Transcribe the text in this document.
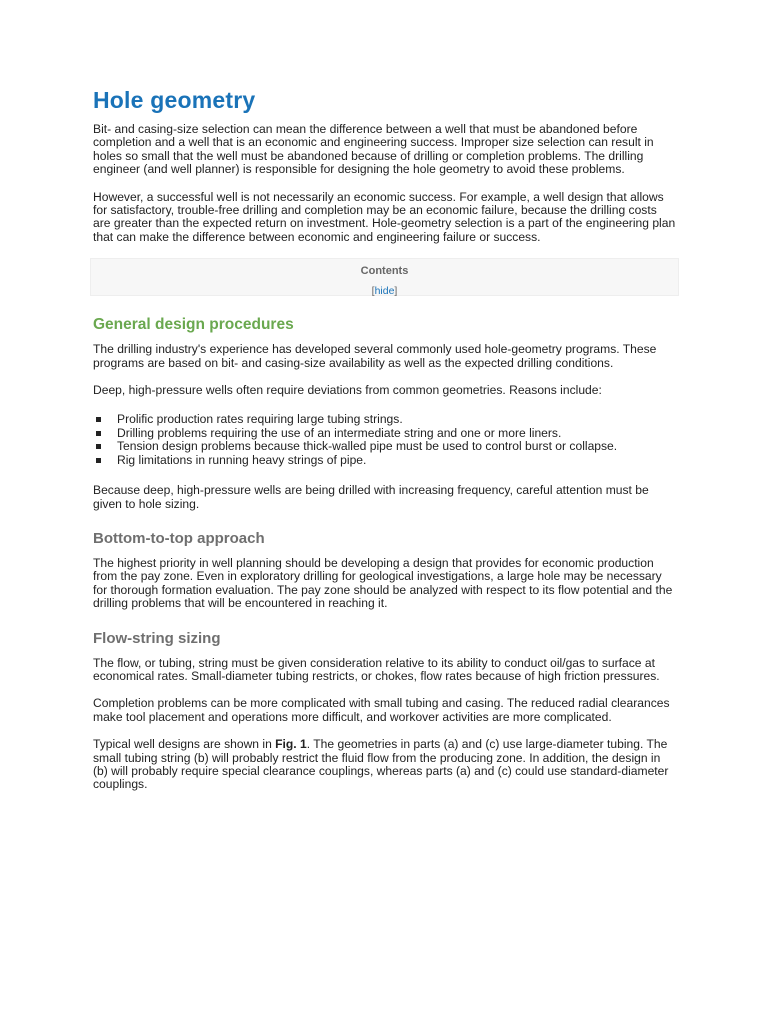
Hole geometry

Bit- and casing-size selection can mean the difference between a well that must be abandoned before completion and a well that is an economic and engineering success. Improper size selection can result in holes so small that the well must be abandoned because of drilling or completion problems. The drilling engineer (and well planner) is responsible for designing the hole geometry to avoid these problems.

However, a successful well is not necessarily an economic success. For example, a well design that allows for satisfactory, trouble-free drilling and completion may be an economic failure, because the drilling costs are greater than the expected return on investment. Hole-geometry selection is a part of the engineering plan that can make the difference between economic and engineering failure or success.

Contents
[hide]
General design procedures

The drilling industry's experience has developed several commonly used hole-geometry programs. These programs are based on bit- and casing-size availability as well as the expected drilling conditions.

Deep, high-pressure wells often require deviations from common geometries. Reasons include:

Prolific production rates requiring large tubing strings.
Drilling problems requiring the use of an intermediate string and one or more liners.
Tension design problems because thick-walled pipe must be used to control burst or collapse.
Rig limitations in running heavy strings of pipe.

Because deep, high-pressure wells are being drilled with increasing frequency, careful attention must be given to hole sizing.

Bottom-to-top approach

The highest priority in well planning should be developing a design that provides for economic production from the pay zone. Even in exploratory drilling for geological investigations, a large hole may be necessary for thorough formation evaluation. The pay zone should be analyzed with respect to its flow potential and the drilling problems that will be encountered in reaching it.

Flow-string sizing

The flow, or tubing, string must be given consideration relative to its ability to conduct oil/gas to surface at economical rates. Small-diameter tubing restricts, or chokes, flow rates because of high friction pressures.

Completion problems can be more complicated with small tubing and casing. The reduced radial clearances make tool placement and operations more difficult, and workover activities are more complicated.

Typical well designs are shown in Fig. 1. The geometries in parts (a) and (c) use large-diameter tubing. The small tubing string (b) will probably restrict the fluid flow from the producing zone. In addition, the design in (b) will probably require special clearance couplings, whereas parts (a) and (c) could use standard-diameter couplings.
